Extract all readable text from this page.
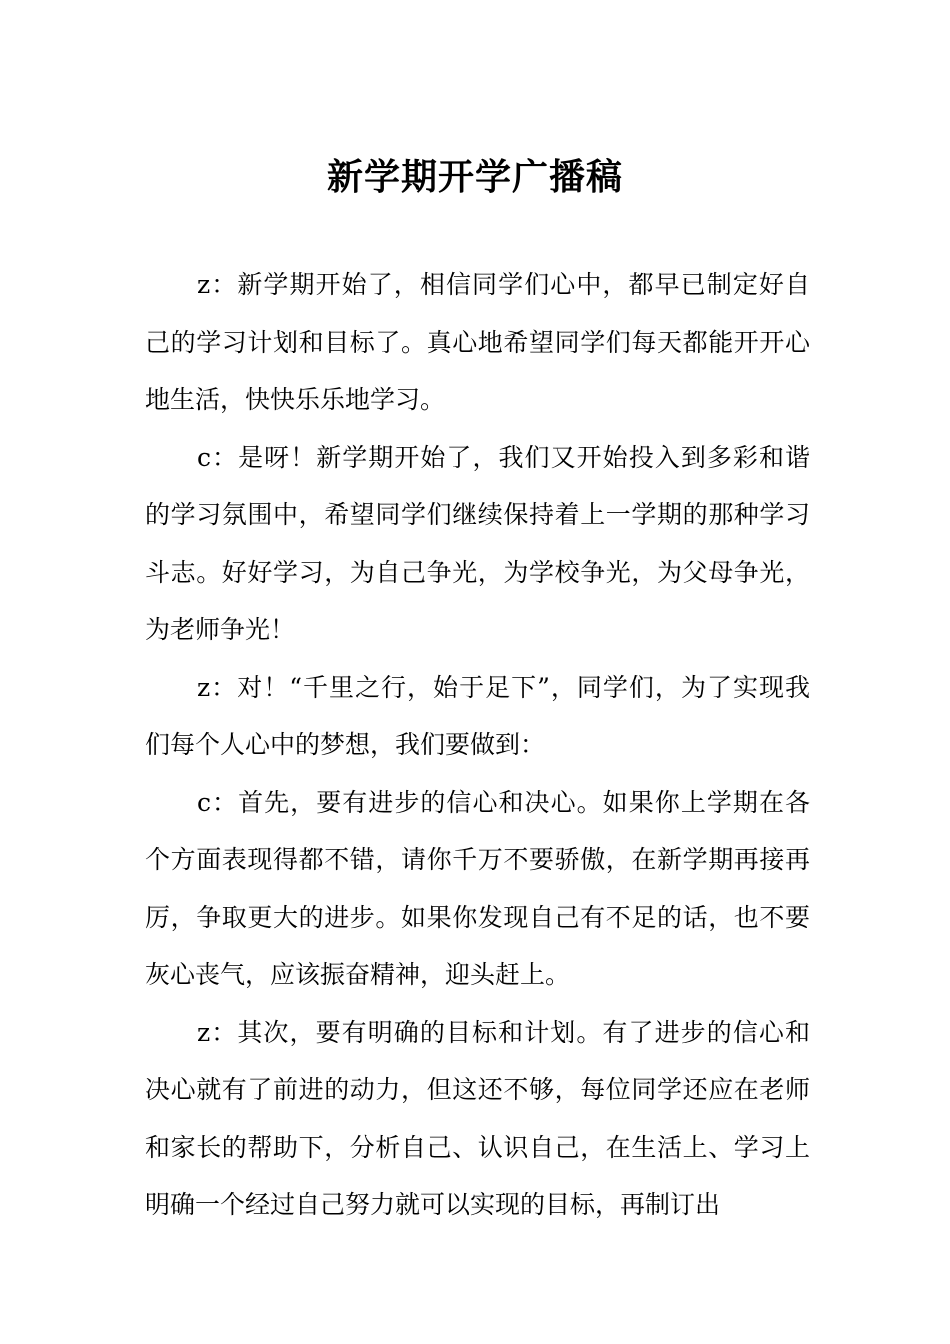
新学期开学广播稿

z：新学期开始了，相信同学们心中，都早已制定好自己的学习计划和目标了。真心地希望同学们每天都能开开心地生活，快快乐乐地学习。

c：是呀！新学期开始了，我们又开始投入到多彩和谐的学习氛围中，希望同学们继续保持着上一学期的那种学习斗志。好好学习，为自己争光，为学校争光，为父母争光，为老师争光！

z：对！“千里之行，始于足下”，同学们，为了实现我们每个人心中的梦想，我们要做到：

c：首先，要有进步的信心和决心。如果你上学期在各个方面表现得都不错，请你千万不要骄傲，在新学期再接再厉，争取更大的进步。如果你发现自己有不足的话，也不要灰心丧气，应该振奋精神，迎头赶上。

z：其次，要有明确的目标和计划。有了进步的信心和决心就有了前进的动力，但这还不够，每位同学还应在老师和家长的帮助下，分析自己、认识自己，在生活上、学习上明确一个经过自己努力就可以实现的目标，再制订出
